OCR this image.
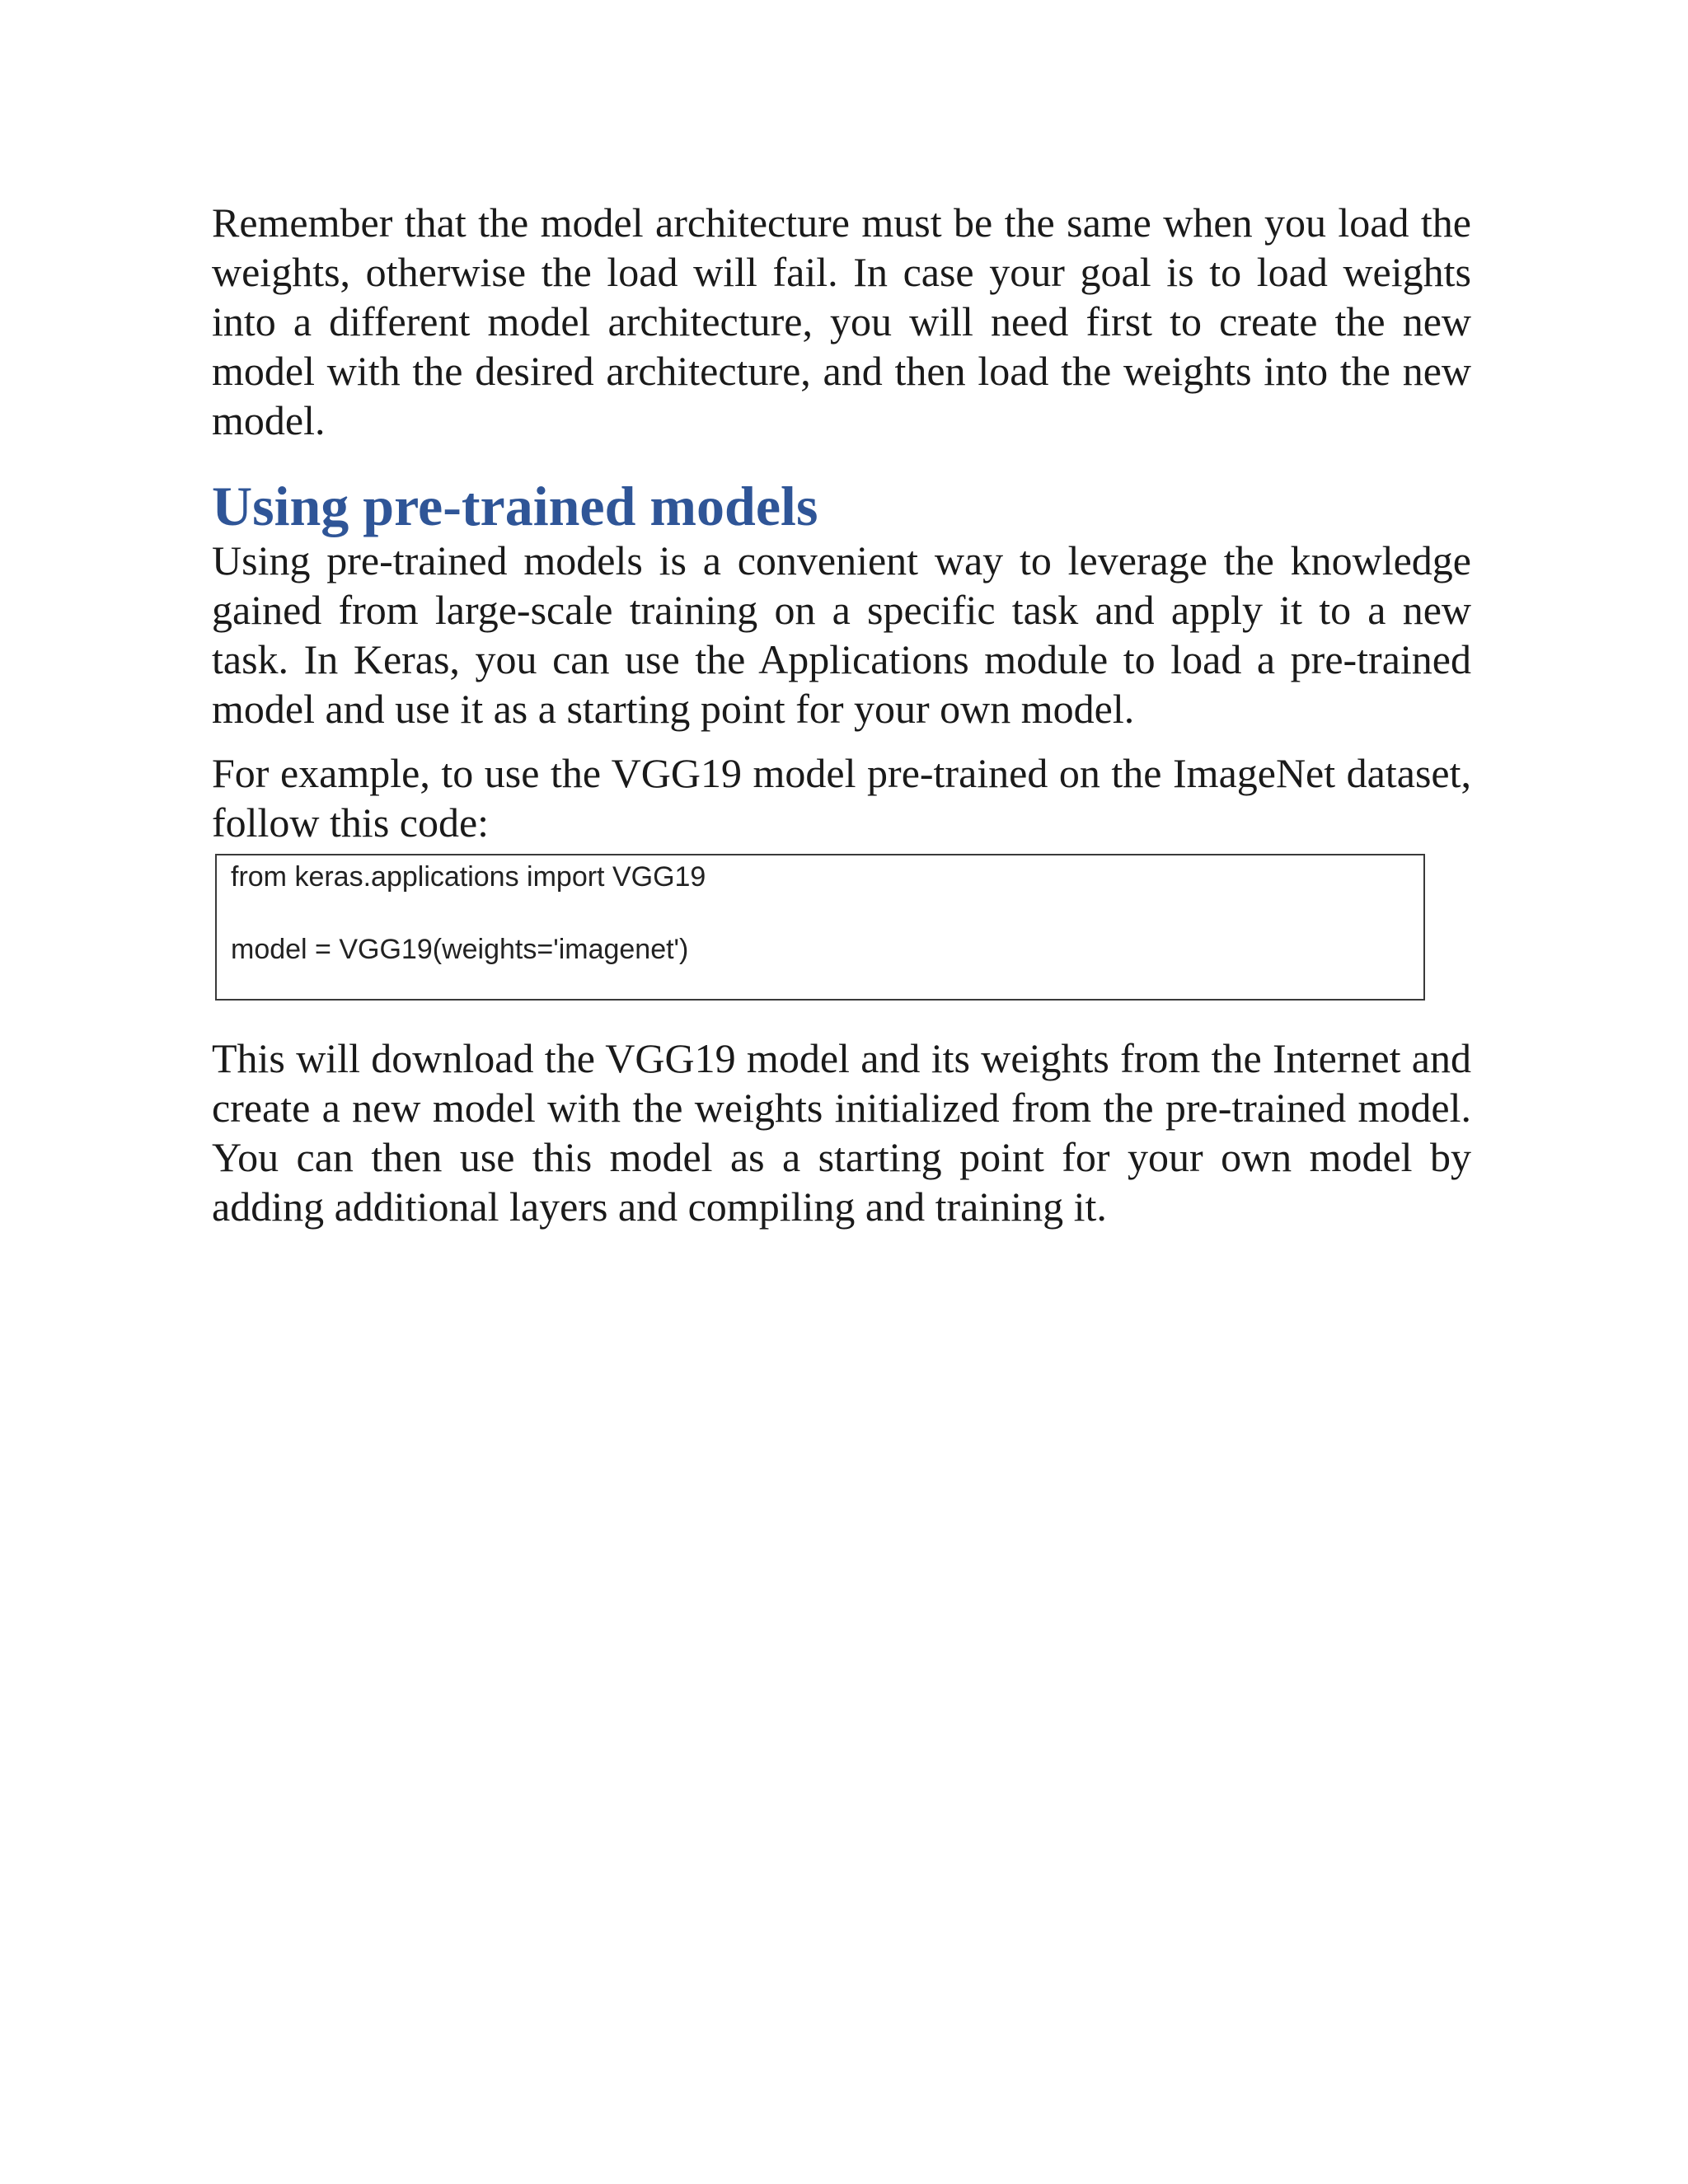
Remember that the model architecture must be the same when you load the weights, otherwise the load will fail. In case your goal is to load weights into a different model architecture, you will need first to create the new model with the desired architecture, and then load the weights into the new model.

Using pre-trained models

Using pre-trained models is a convenient way to leverage the knowledge gained from large-scale training on a specific task and apply it to a new task. In Keras, you can use the Applications module to load a pre-trained model and use it as a starting point for your own model.

For example, to use the VGG19 model pre-trained on the ImageNet dataset, follow this code:

from keras.applications import VGG19
model = VGG19(weights='imagenet')

This will download the VGG19 model and its weights from the Internet and create a new model with the weights initialized from the pre-trained model. You can then use this model as a starting point for your own model by adding additional layers and compiling and training it.
